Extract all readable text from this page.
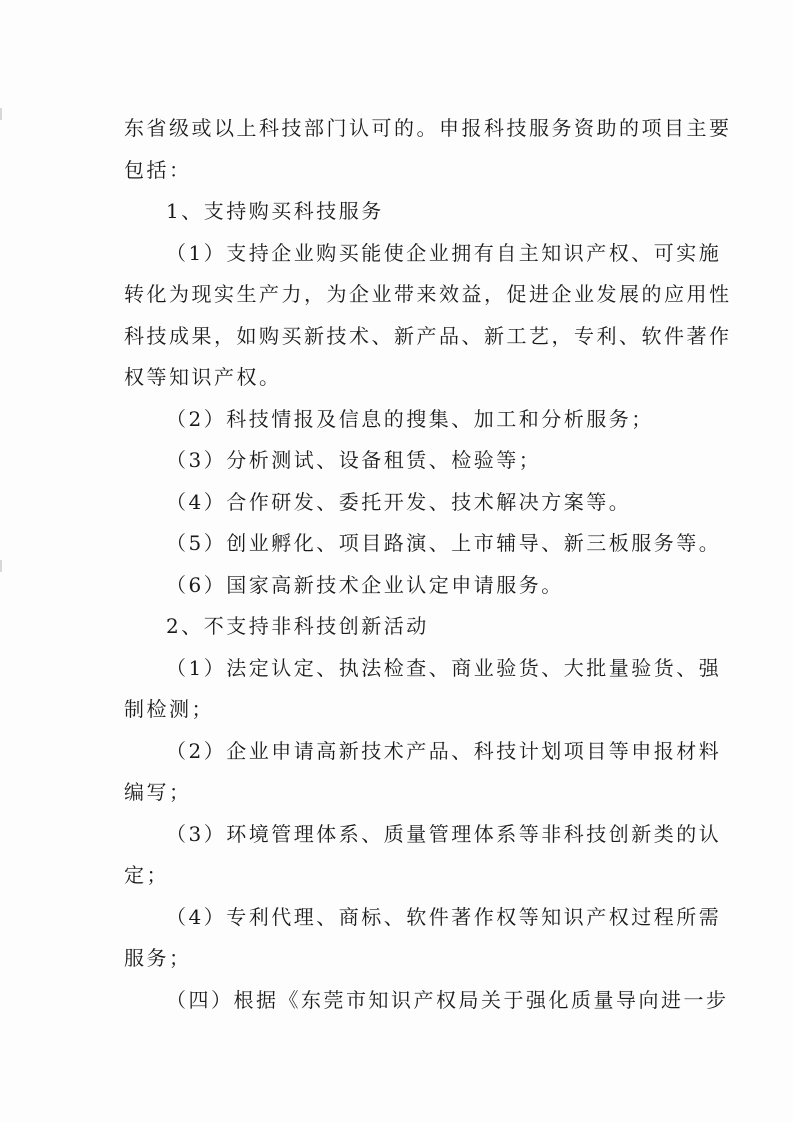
东省级或以上科技部门认可的。申报科技服务资助的项目主要
包括：
1、支持购买科技服务
（1）支持企业购买能使企业拥有自主知识产权、可实施
转化为现实生产力，为企业带来效益，促进企业发展的应用性
科技成果，如购买新技术、新产品、新工艺，专利、软件著作
权等知识产权。
（2）科技情报及信息的搜集、加工和分析服务；
（3）分析测试、设备租赁、检验等；
（4）合作研发、委托开发、技术解决方案等。
（5）创业孵化、项目路演、上市辅导、新三板服务等。
（6）国家高新技术企业认定申请服务。
2、不支持非科技创新活动
（1）法定认定、执法检查、商业验货、大批量验货、强
制检测；
（2）企业申请高新技术产品、科技计划项目等申报材料
编写；
（3）环境管理体系、质量管理体系等非科技创新类的认
定；
（4）专利代理、商标、软件著作权等知识产权过程所需
服务；
（四）根据《东莞市知识产权局关于强化质量导向进一步
